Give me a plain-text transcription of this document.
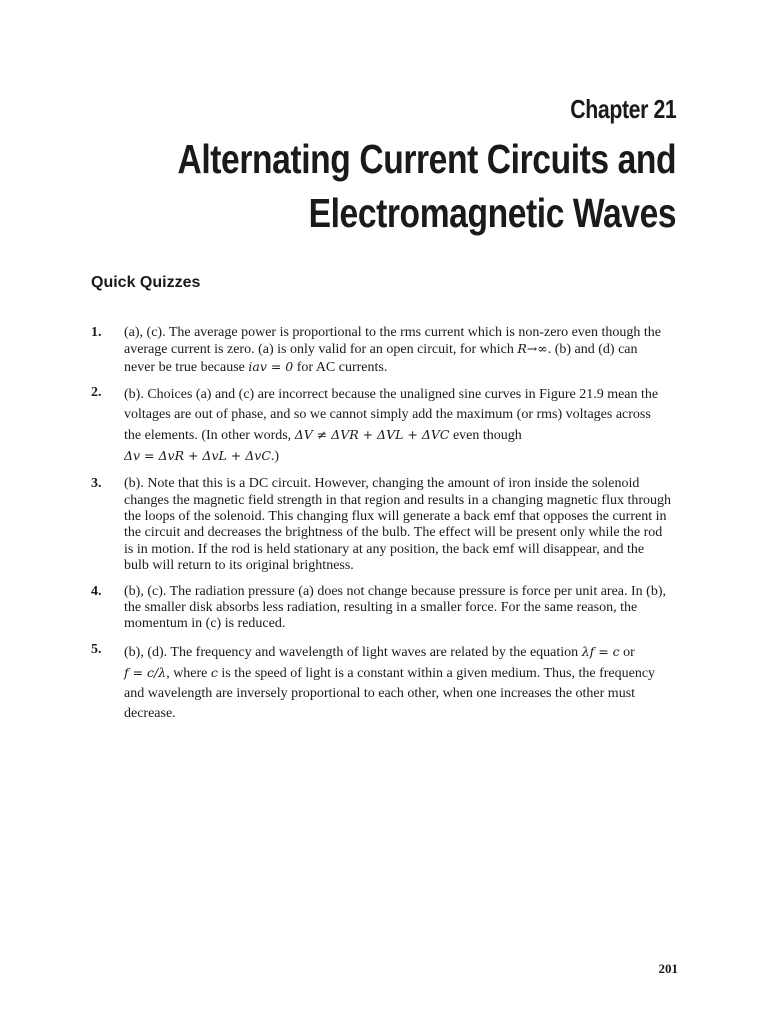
Chapter 21
Alternating Current Circuits and
Electromagnetic Waves
Quick Quizzes
1.	(a), (c). The average power is proportional to the rms current which is non-zero even though the average current is zero. (a) is only valid for an open circuit, for which R→∞. (b) and (d) can never be true because iav = 0 for AC currents.
2.	(b). Choices (a) and (c) are incorrect because the unaligned sine curves in Figure 21.9 mean the voltages are out of phase, and so we cannot simply add the maximum (or rms) voltages across the elements. (In other words, ΔV ≠ ΔVR + ΔVL + ΔVC even though Δv = ΔvR + ΔvL + ΔvC.)
3.	(b). Note that this is a DC circuit. However, changing the amount of iron inside the solenoid changes the magnetic field strength in that region and results in a changing magnetic flux through the loops of the solenoid. This changing flux will generate a back emf that opposes the current in the circuit and decreases the brightness of the bulb. The effect will be present only while the rod is in motion. If the rod is held stationary at any position, the back emf will disappear, and the bulb will return to its original brightness.
4.	(b), (c). The radiation pressure (a) does not change because pressure is force per unit area. In (b), the smaller disk absorbs less radiation, resulting in a smaller force. For the same reason, the momentum in (c) is reduced.
5.	(b), (d). The frequency and wavelength of light waves are related by the equation λf = c or f = c/λ, where c is the speed of light is a constant within a given medium. Thus, the frequency and wavelength are inversely proportional to each other, when one increases the other must decrease.
201
